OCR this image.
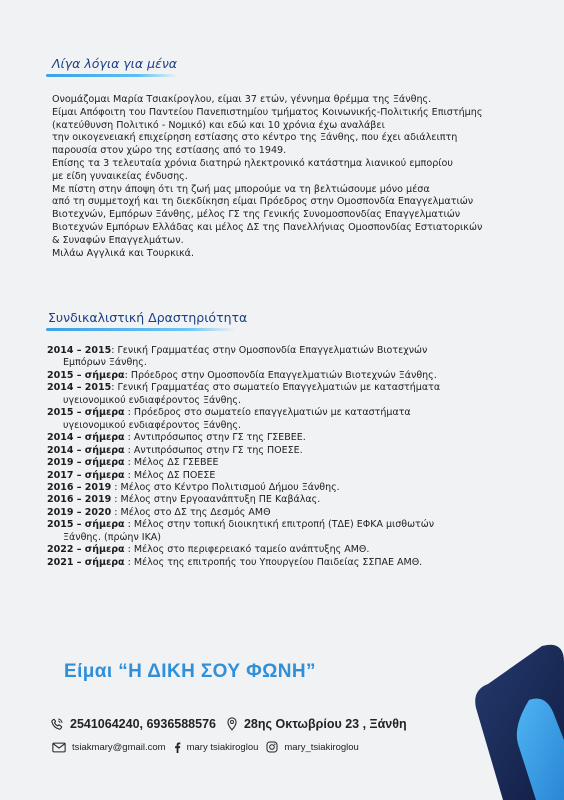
Λίγα λόγια για μένα

Ονομάζομαι Μαρία Τσιακίρογλου, είμαι 37 ετών, γέννημα θρέμμα της Ξάνθης.

Είμαι Απόφοιτη του Παντείου Πανεπιστημίου τμήματος Κοινωνικής-Πολιτικής Επιστήμης

(κατεύθυνση Πολιτικό - Νομικό) και εδώ και 10 χρόνια έχω αναλάβει

την οικογενειακή επιχείρηση εστίασης στο κέντρο της Ξάνθης, που έχει αδιάλειπτη

παρουσία στον χώρο της εστίασης από το 1949.

Επίσης τα 3 τελευταία χρόνια διατηρώ ηλεκτρονικό κατάστημα λιανικού εμπορίου

με είδη γυναικείας ένδυσης.

Με πίστη στην άποψη ότι τη ζωή μας μπορούμε να τη βελτιώσουμε μόνο μέσα

από τη συμμετοχή και τη διεκδίκηση είμαι Πρόεδρος στην Ομοσπονδία Επαγγελματιών

Βιοτεχνών, Εμπόρων Ξάνθης, μέλος ΓΣ της Γενικής Συνομοσπονδίας Επαγγελματιών

Βιοτεχνών Εμπόρων Ελλάδας και μέλος ΔΣ της Πανελλήνιας Ομοσπονδίας Εστιατορικών

& Συναφών Επαγγελμάτων.

Μιλάω Αγγλικά και Τουρκικά.

Συνδικαλιστική Δραστηριότητα

2014 – 2015: Γενική Γραμματέας στην Ομοσπονδία Επαγγελματιών Βιοτεχνών
Εμπόρων Ξάνθης.

2015 – σήμερα: Πρόεδρος στην Ομοσπονδία Επαγγελματιών Βιοτεχνών Ξάνθης.

2014 – 2015: Γενική Γραμματέας στο σωματείο Επαγγελματιών με καταστήματα
υγειονομικού ενδιαφέροντος Ξάνθης.

2015 – σήμερα : Πρόεδρος στο σωματείο επαγγελματιών με καταστήματα
υγειονομικού ενδιαφέροντος Ξάνθης.

2014 – σήμερα : Αντιπρόσωπος στην ΓΣ της ΓΣΕΒΕΕ.

2014 – σήμερα : Αντιπρόσωπος στην ΓΣ της ΠΟΕΣΕ.

2019 – σήμερα : Μέλος ΔΣ ΓΣΕΒΕΕ

2017 – σήμερα : Μέλος ΔΣ ΠΟΕΣΕ

2016 – 2019 : Μέλος στο Κέντρο Πολιτισμού Δήμου Ξάνθης.

2016 – 2019 : Μέλος στην Εργοαανάπτυξη ΠΕ Καβάλας.

2019 – 2020 : Μέλος στο ΔΣ της Δεσμός ΑΜΘ

2015 – σήμερα : Μέλος στην τοπική διοικητική επιτροπή (ΤΔΕ) ΕΦΚΑ μισθωτών
Ξάνθης. (πρώην ΙΚΑ)

2022 – σήμερα : Μέλος στο περιφερειακό ταμείο ανάπτυξης ΑΜΘ.

2021 – σήμερα : Μέλος της επιτροπής του Υπουργείου Παιδείας ΣΣΠΑΕ ΑΜΘ.

Είμαι “Η ΔΙΚΗ ΣΟΥ ΦΩΝΗ”
2541064240, 6936588576 28ης Οκτωβρίου 23 , Ξάνθη
tsiakmary@gmail.com mary tsiakiroglou	mary_tsiakiroglou
